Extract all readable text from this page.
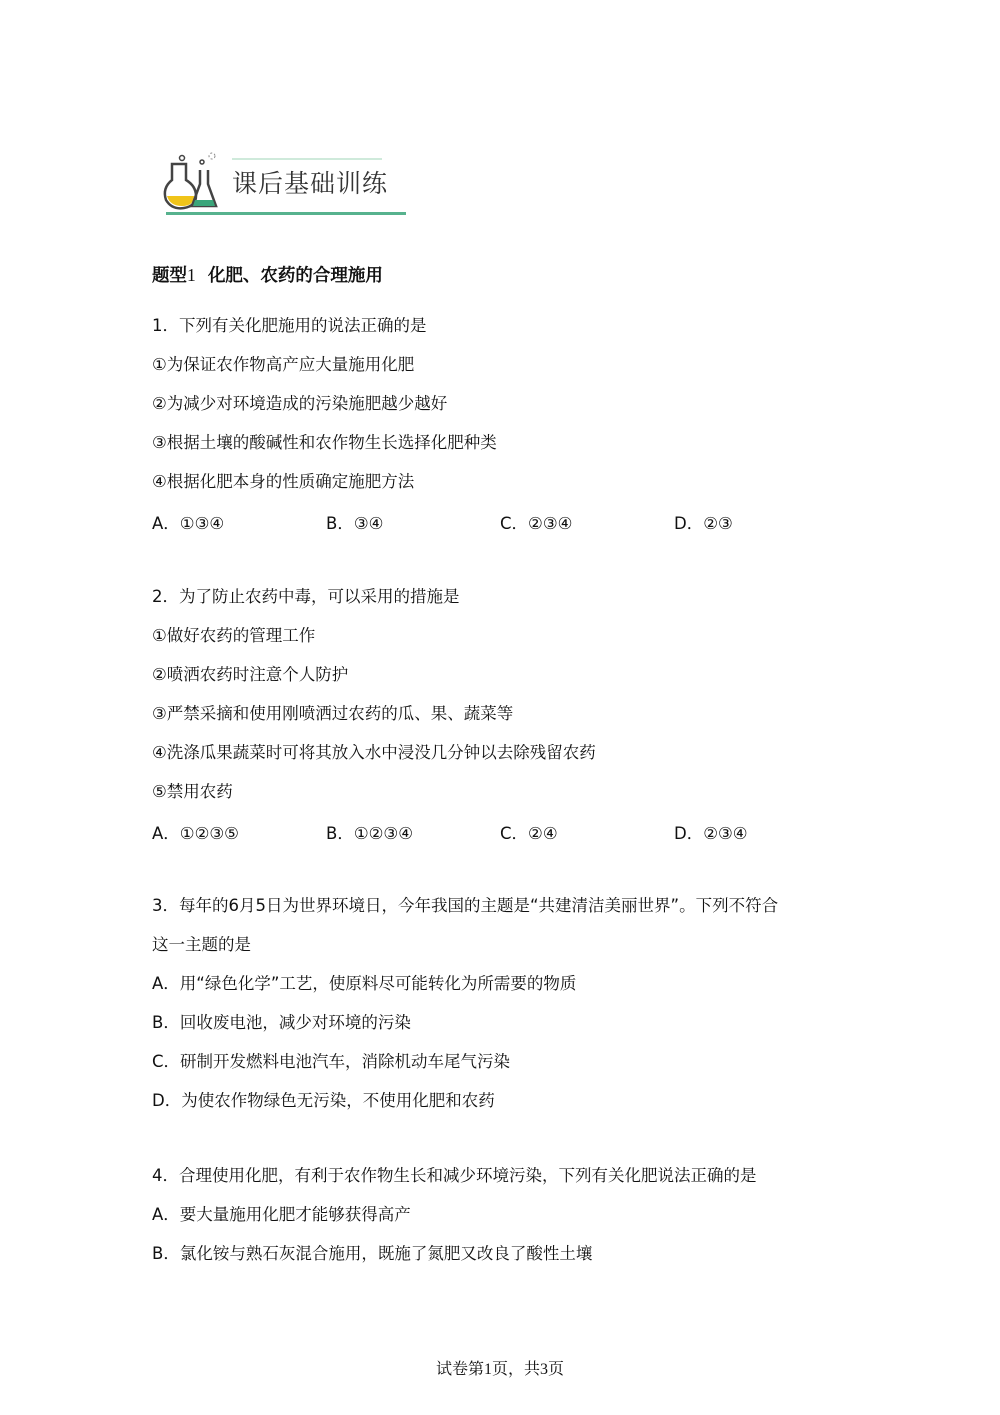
课后基础训练
题型1 化肥、农药的合理施用
1．下列有关化肥施用的说法正确的是
①为保证农作物高产应大量施用化肥
②为减少对环境造成的污染施肥越少越好
③根据土壤的酸碱性和农作物生长选择化肥种类
④根据化肥本身的性质确定施肥方法
A．①③④	B．③④	C．②③④	D．②③
2．为了防止农药中毒，可以采用的措施是
①做好农药的管理工作
②喷洒农药时注意个人防护
③严禁采摘和使用刚喷洒过农药的瓜、果、蔬菜等
④洗涤瓜果蔬菜时可将其放入水中浸没几分钟以去除残留农药
⑤禁用农药
A．①②③⑤	B．①②③④	C．②④	D．②③④
3．每年的6月5日为世界环境日，今年我国的主题是“共建清洁美丽世界”。下列不符合
这一主题的是
A．用“绿色化学”工艺，使原料尽可能转化为所需要的物质
B．回收废电池，减少对环境的污染
C．研制开发燃料电池汽车，消除机动车尾气污染
D．为使农作物绿色无污染，不使用化肥和农药
4．合理使用化肥，有利于农作物生长和减少环境污染，下列有关化肥说法正确的是
A．要大量施用化肥才能够获得高产
B．氯化铵与熟石灰混合施用，既施了氮肥又改良了酸性土壤
试卷第1页，共3页
